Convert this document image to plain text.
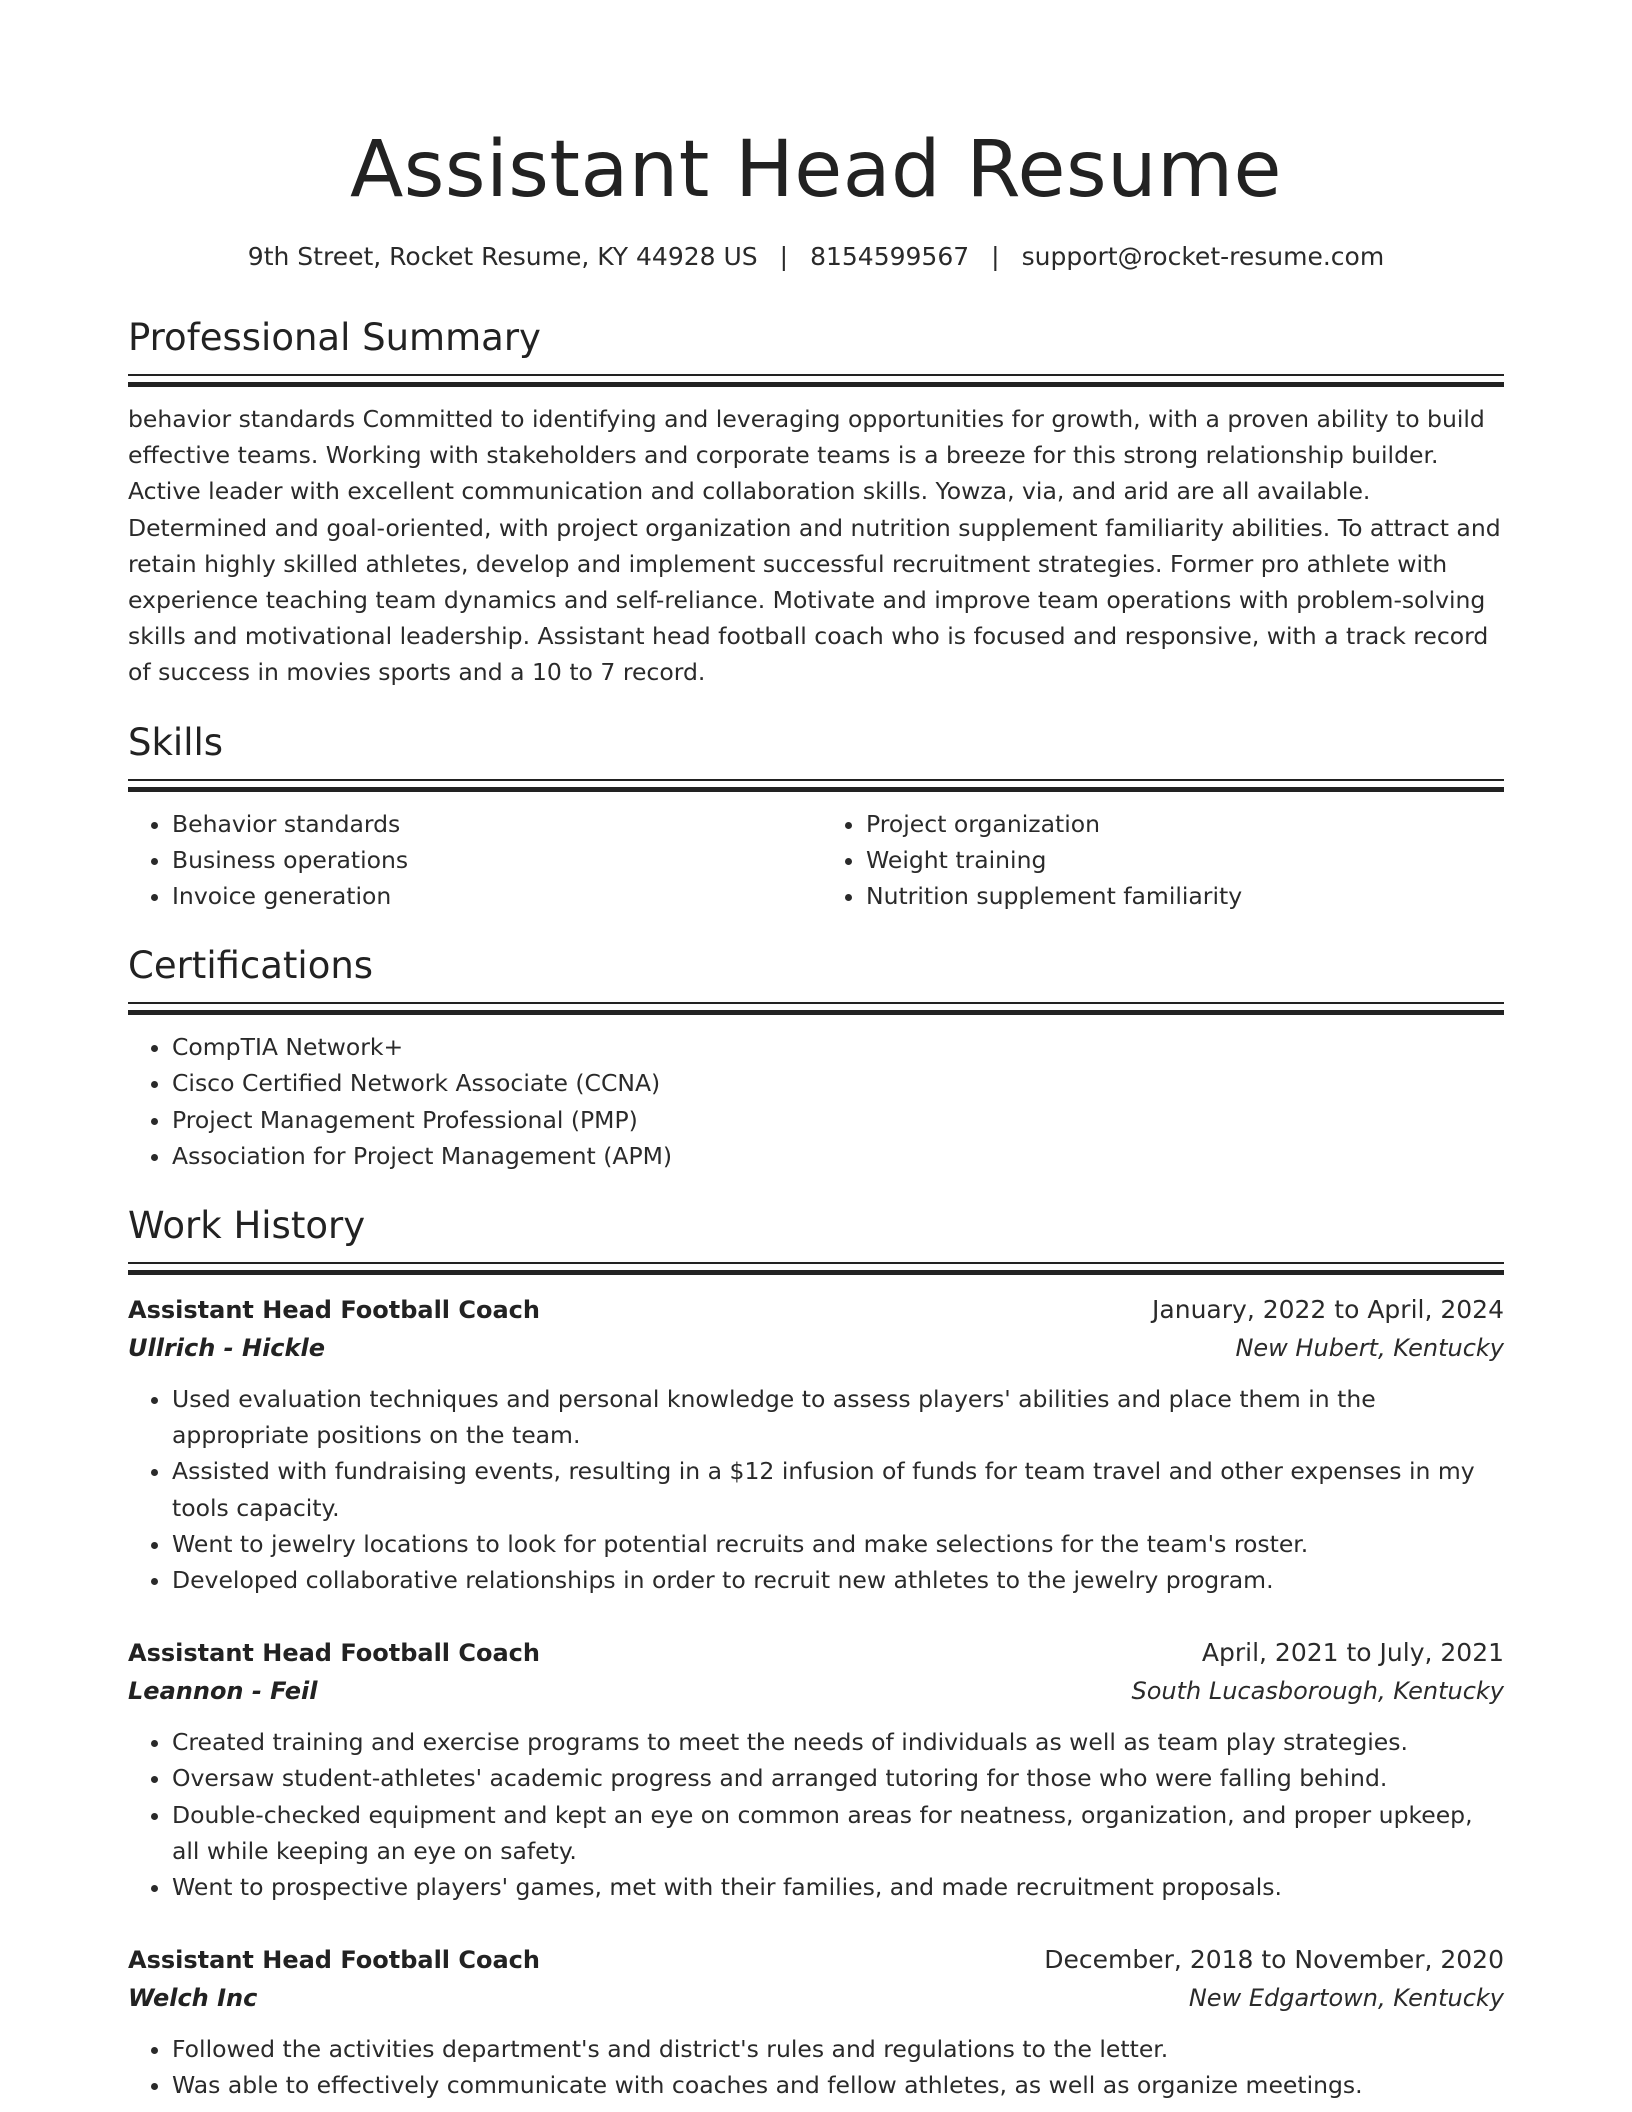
Assistant Head Resume
9th Street, Rocket Resume, KY 44928 US | 8154599567 | support@rocket-resume.com
Professional Summary

behavior standards Committed to identifying and leveraging opportunities for growth, with a proven ability to build effective teams. Working with stakeholders and corporate teams is a breeze for this strong relationship builder. Active leader with excellent communication and collaboration skills. Yowza, via, and arid are all available. Determined and goal-oriented, with project organization and nutrition supplement familiarity abilities. To attract and retain highly skilled athletes, develop and implement successful recruitment strategies. Former pro athlete with experience teaching team dynamics and self-reliance. Motivate and improve team operations with problem-solving skills and motivational leadership. Assistant head football coach who is focused and responsive, with a track record of success in movies sports and a 10 to 7 record.

Skills
• Behavior standards
• Business operations
• Invoice generation
• Project organization
• Weight training
• Nutrition supplement familiarity
Certifications
• CompTIA Network+
• Cisco Certified Network Associate (CCNA)
• Project Management Professional (PMP)
• Association for Project Management (APM)
Work History
Assistant Head Football Coach	January, 2022 to April, 2024
Ullrich - Hickle	New Hubert, Kentucky
• Used evaluation techniques and personal knowledge to assess players' abilities and place them in the appropriate positions on the team.
• Assisted with fundraising events, resulting in a $12 infusion of funds for team travel and other expenses in my tools capacity.
• Went to jewelry locations to look for potential recruits and make selections for the team's roster.
• Developed collaborative relationships in order to recruit new athletes to the jewelry program.
Assistant Head Football Coach	April, 2021 to July, 2021
Leannon - Feil	South Lucasborough, Kentucky
• Created training and exercise programs to meet the needs of individuals as well as team play strategies.
• Oversaw student-athletes' academic progress and arranged tutoring for those who were falling behind.
• Double-checked equipment and kept an eye on common areas for neatness, organization, and proper upkeep, all while keeping an eye on safety.
• Went to prospective players' games, met with their families, and made recruitment proposals.
Assistant Head Football Coach	December, 2018 to November, 2020
Welch Inc	New Edgartown, Kentucky
• Followed the activities department's and district's rules and regulations to the letter.
• Was able to effectively communicate with coaches and fellow athletes, as well as organize meetings.
